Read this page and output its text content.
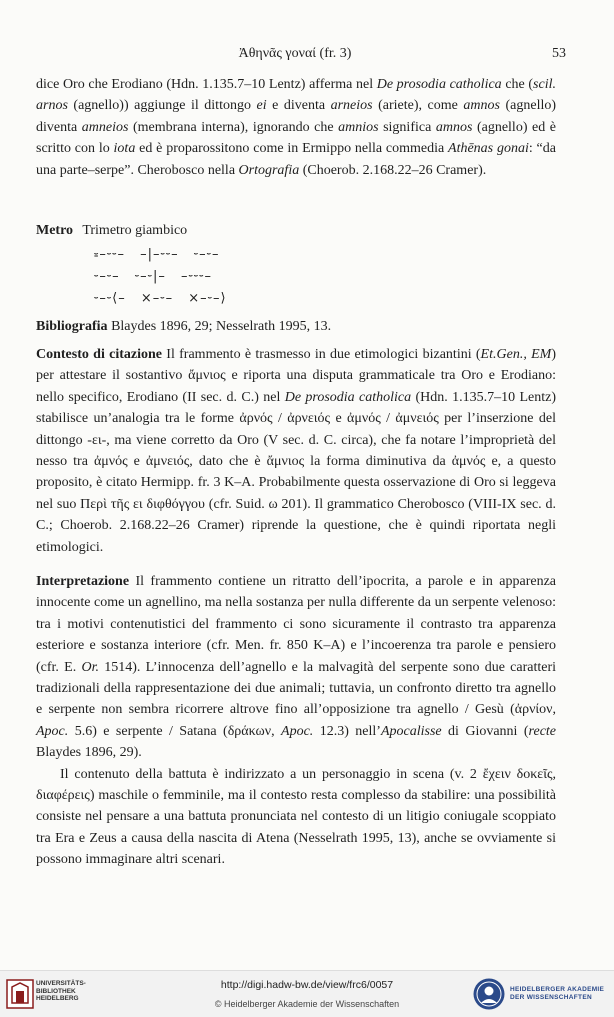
Ἀθηνᾶς γοναί (fr. 3)	53

dice Oro che Erodiano (Hdn. 1.135.7–10 Lentz) afferma nel De prosodia catholica che (scil. arnos (agnello)) aggiunge il dittongo ei e diventa arneios (ariete), come amnos (agnello) diventa amneios (membrana interna), ignorando che amnios significa amnos (agnello) ed è scritto con lo iota ed è proparossitono come in Ermippo nella commedia Athēnas gonai: “da una parte–serpe”. Cherobosco nella Ortografia (Choerob. 2.168.22–26 Cramer).

Metro Trimetro giambico
⏓–⏑⏑– –|–⏑⏑– ⏑–⏑–
⏑–⏑– ⏑–⏑|– –⏑⏑⏑–
⏑–⏑⟨– ×–⏑– ×–⏑–⟩

Bibliografia Blaydes 1896, 29; Nesselrath 1995, 13.

Contesto di citazione Il frammento è trasmesso in due etimologici bizantini (Et.Gen., EM) per attestare il sostantivo ἄμνιος e riporta una disputa grammaticale tra Oro e Erodiano: nello specifico, Erodiano (II sec. d. C.) nel De prosodia catholica (Hdn. 1.135.7–10 Lentz) stabilisce un’analogia tra le forme ἀρνός / ἀρνειός e ἀμνός / ἀμνειός per l’inserzione del dittongo -ει-, ma viene corretto da Oro (V sec. d. C. circa), che fa notare l’improprietà del nesso tra ἀμνός e ἀμνειός, dato che è ἄμνιος la forma diminutiva da ἀμνός e, a questo proposito, è citato Hermipp. fr. 3 K–A. Probabilmente questa osservazione di Oro si leggeva nel suo Περὶ τῆς ει διφθόγγου (cfr. Suid. ω 201). Il grammatico Cherobosco (VIII-IX sec. d. C.; Choerob. 2.168.22–26 Cramer) riprende la questione, che è quindi riportata negli etimologici.

Interpretazione Il frammento contiene un ritratto dell’ipocrita, a parole e in apparenza innocente come un agnellino, ma nella sostanza per nulla differente da un serpente velenoso: tra i motivi contenutistici del frammento ci sono sicuramente il contrasto tra apparenza esteriore e sostanza interiore (cfr. Men. fr. 850 K–A) e l’incoerenza tra parole e pensiero (cfr. E. Or. 1514). L’innocenza dell’agnello e la malvagità del serpente sono due caratteri tradizionali della rappresentazione dei due animali; tuttavia, un confronto diretto tra agnello e serpente non sembra ricorrere altrove fino all’opposizione tra agnello / Gesù (ἀρνίον, Apoc. 5.6) e serpente / Satana (δράκων, Apoc. 12.3) nell’Apocalisse di Giovanni (recte Blaydes 1896, 29).

Il contenuto della battuta è indirizzato a un personaggio in scena (v. 2 ἔχειν δοκεῖς, διαφέρεις) maschile o femminile, ma il contesto resta complesso da stabilire: una possibilità consiste nel pensare a una battuta pronunciata nel contesto di un litigio coniugale scoppiato tra Era e Zeus a causa della nascita di Atena (Nesselrath 1995, 13), anche se ovviamente si possono immaginare altri scenari.

UNIVERSITÄTS-
BIBLIOTHEK
HEIDELBERG
http://digi.hadw-bw.de/view/frc6/0057
© Heidelberger Akademie der Wissenschaften
HEIDELBERGER AKADEMIE
DER WISSENSCHAFTEN
